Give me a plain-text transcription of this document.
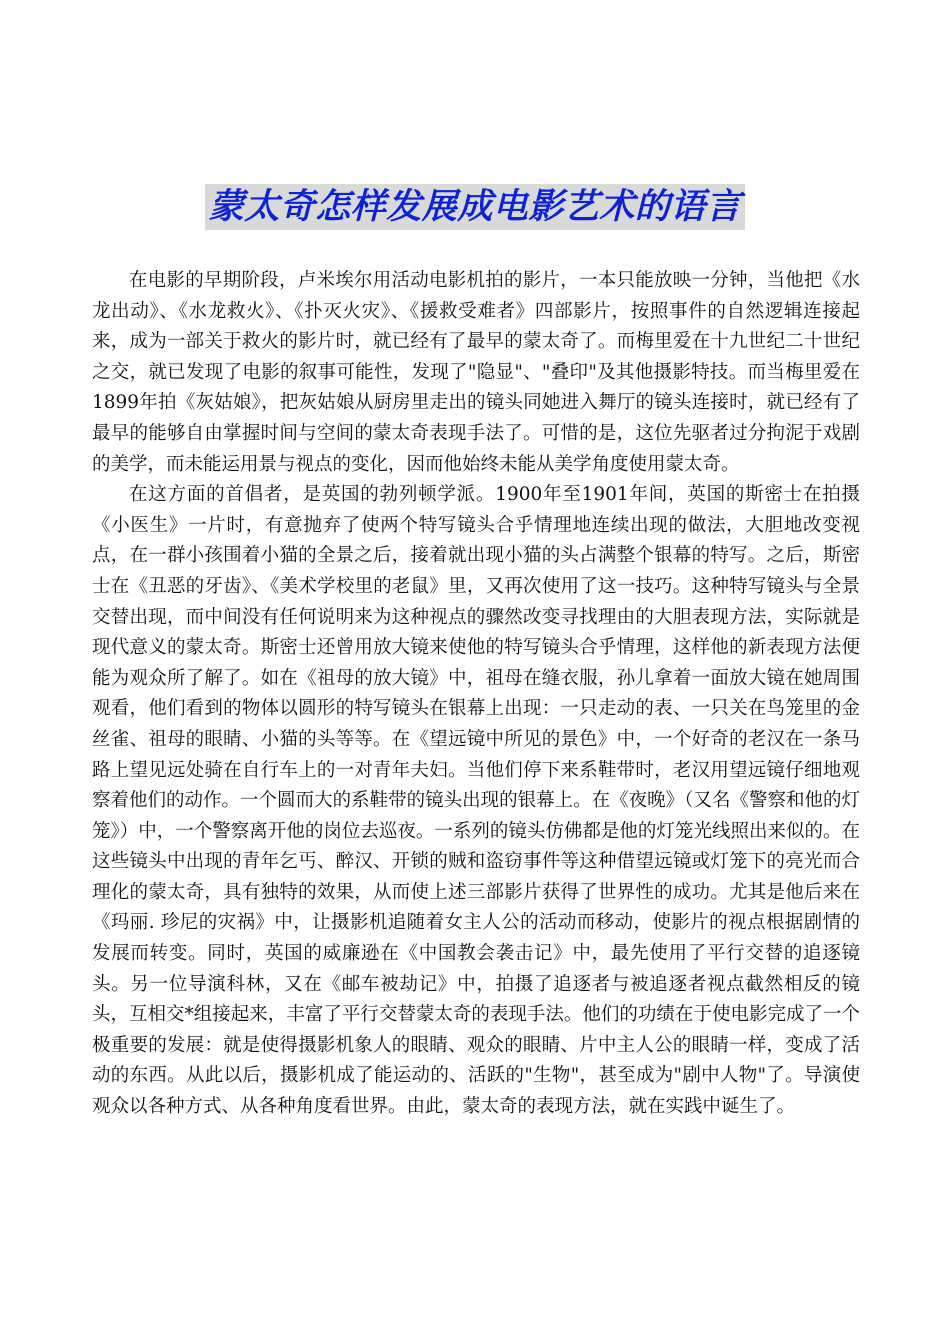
蒙太奇怎样发展成电影艺术的语言

在电影的早期阶段，卢米埃尔用活动电影机拍的影片，一本只能放映一分钟，当他把《水龙出动》、《水龙救火》、《扑灭火灾》、《援救受难者》四部影片，按照事件的自然逻辑连接起来，成为一部关于救火的影片时，就已经有了最早的蒙太奇了。而梅里爱在十九世纪二十世纪之交，就已发现了电影的叙事可能性，发现了"隐显"、"叠印"及其他摄影特技。而当梅里爱在1899年拍《灰姑娘》，把灰姑娘从厨房里走出的镜头同她进入舞厅的镜头连接时，就已经有了最早的能够自由掌握时间与空间的蒙太奇表现手法了。可惜的是，这位先驱者过分拘泥于戏剧的美学，而未能运用景与视点的变化，因而他始终未能从美学角度使用蒙太奇。

在这方面的首倡者，是英国的勃列顿学派。1900年至1901年间，英国的斯密士在拍摄《小医生》一片时，有意抛弃了使两个特写镜头合乎情理地连续出现的做法，大胆地改变视点，在一群小孩围着小猫的全景之后，接着就出现小猫的头占满整个银幕的特写。之后，斯密士在《丑恶的牙齿》、《美术学校里的老鼠》里，又再次使用了这一技巧。这种特写镜头与全景交替出现，而中间没有任何说明来为这种视点的骤然改变寻找理由的大胆表现方法，实际就是现代意义的蒙太奇。斯密士还曾用放大镜来使他的特写镜头合乎情理，这样他的新表现方法便能为观众所了解了。如在《祖母的放大镜》中，祖母在缝衣服，孙儿拿着一面放大镜在她周围观看，他们看到的物体以圆形的特写镜头在银幕上出现：一只走动的表、一只关在鸟笼里的金丝雀、祖母的眼睛、小猫的头等等。在《望远镜中所见的景色》中，一个好奇的老汉在一条马路上望见远处骑在自行车上的一对青年夫妇。当他们停下来系鞋带时，老汉用望远镜仔细地观察着他们的动作。一个圆而大的系鞋带的镜头出现的银幕上。在《夜晚》（又名《警察和他的灯笼》）中，一个警察离开他的岗位去巡夜。一系列的镜头仿佛都是他的灯笼光线照出来似的。在这些镜头中出现的青年乞丐、醉汉、开锁的贼和盗窃事件等这种借望远镜或灯笼下的亮光而合理化的蒙太奇，具有独特的效果，从而使上述三部影片获得了世界性的成功。尤其是他后来在《玛丽. 珍尼的灾祸》中，让摄影机追随着女主人公的活动而移动，使影片的视点根据剧情的发展而转变。同时，英国的威廉逊在《中国教会袭击记》中，最先使用了平行交替的追逐镜头。另一位导演科林，又在《邮车被劫记》中，拍摄了追逐者与被追逐者视点截然相反的镜头，互相交*组接起来，丰富了平行交替蒙太奇的表现手法。他们的功绩在于使电影完成了一个极重要的发展：就是使得摄影机象人的眼睛、观众的眼睛、片中主人公的眼睛一样，变成了活动的东西。从此以后，摄影机成了能运动的、活跃的"生物"，甚至成为"剧中人物"了。导演使观众以各种方式、从各种角度看世界。由此，蒙太奇的表现方法，就在实践中诞生了。
